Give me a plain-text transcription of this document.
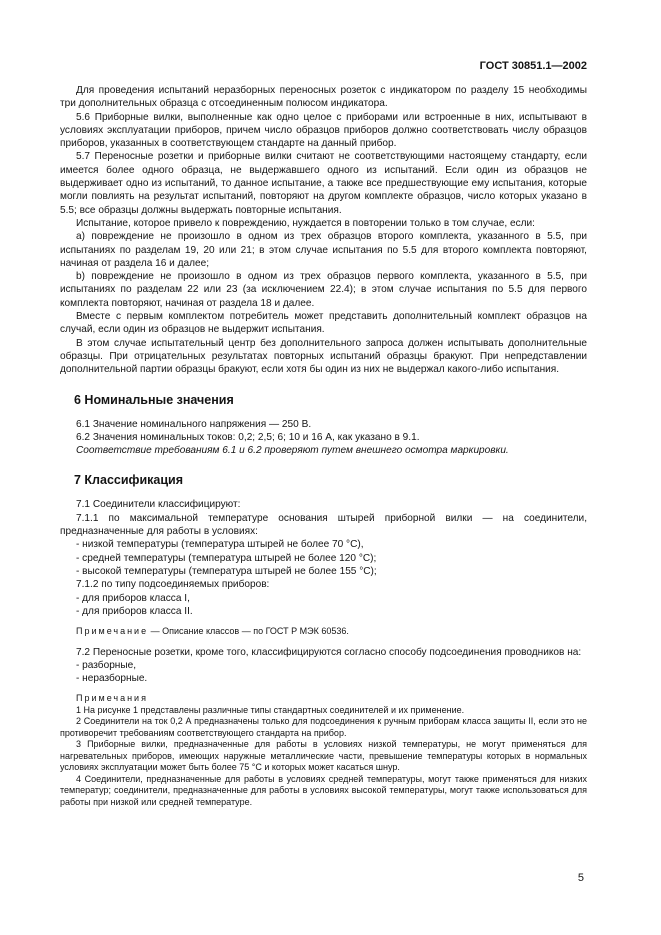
ГОСТ 30851.1—2002

Для проведения испытаний неразборных переносных розеток с индикатором по разделу 15 необходимы три дополнительных образца с отсоединенным полюсом индикатора.

5.6 Приборные вилки, выполненные как одно целое с приборами или встроенные в них, испытывают в условиях эксплуатации приборов, причем число образцов приборов должно соответствовать числу образцов приборов, указанных в соответствующем стандарте на данный прибор.

5.7 Переносные розетки и приборные вилки считают не соответствующими настоящему стандарту, если имеется более одного образца, не выдержавшего одного из испытаний. Если один из образцов не выдерживает одно из испытаний, то данное испытание, а также все предшествующие ему испытания, которые могли повлиять на результат испытаний, повторяют на другом комплекте образцов, число которых указано в 5.5; все образцы должны выдержать повторные испытания.

Испытание, которое привело к повреждению, нуждается в повторении только в том случае, если:

a) повреждение не произошло в одном из трех образцов второго комплекта, указанного в 5.5, при испытаниях по разделам 19, 20 или 21; в этом случае испытания по 5.5 для второго комплекта повторяют, начиная от раздела 16 и далее;

b) повреждение не произошло в одном из трех образцов первого комплекта, указанного в 5.5, при испытаниях по разделам 22 или 23 (за исключением 22.4); в этом случае испытания по 5.5 для первого комплекта повторяют, начиная от раздела 18 и далее.

Вместе с первым комплектом потребитель может представить дополнительный комплект образцов на случай, если один из образцов не выдержит испытания.

В этом случае испытательный центр без дополнительного запроса должен испытывать дополнительные образцы. При отрицательных результатах повторных испытаний образцы бракуют. При непредставлении дополнительной партии образцы бракуют, если хотя бы один из них не выдержал какого-либо испытания.

6 Номинальные значения

6.1 Значение номинального напряжения — 250 В.

6.2 Значения номинальных токов: 0,2; 2,5; 6; 10 и 16 А, как указано в 9.1.

Соответствие требованиям 6.1 и 6.2 проверяют путем внешнего осмотра маркировки.

7 Классификация

7.1 Соединители классифицируют:

7.1.1 по максимальной температуре основания штырей приборной вилки — на соединители, предназначенные для работы в условиях:

- низкой температуры (температура штырей не более 70 °С),
- средней температуры (температура штырей не более 120 °С);
- высокой температуры (температура штырей не более 155 °С);

7.1.2 по типу подсоединяемых приборов:

- для приборов класса I,
- для приборов класса II.

Примечание — Описание классов — по ГОСТ Р МЭК 60536.

7.2 Переносные розетки, кроме того, классифицируются согласно способу подсоединения проводников на:

- разборные,
- неразборные.

Примечания

1 На рисунке 1 представлены различные типы стандартных соединителей и их применение.

2 Соединители на ток 0,2 А предназначены только для подсоединения к ручным приборам класса защиты II, если это не противоречит требованиям соответствующего стандарта на прибор.

3 Приборные вилки, предназначенные для работы в условиях низкой температуры, не могут применяться для нагревательных приборов, имеющих наружные металлические части, превышение температуры которых в нормальных условиях эксплуатации может быть более 75 °С и которых может касаться шнур.

4 Соединители, предназначенные для работы в условиях средней температуры, могут также применяться для низких температур; соединители, предназначенные для работы в условиях высокой температуры, могут также использоваться для работы при низкой или средней температуре.

5
